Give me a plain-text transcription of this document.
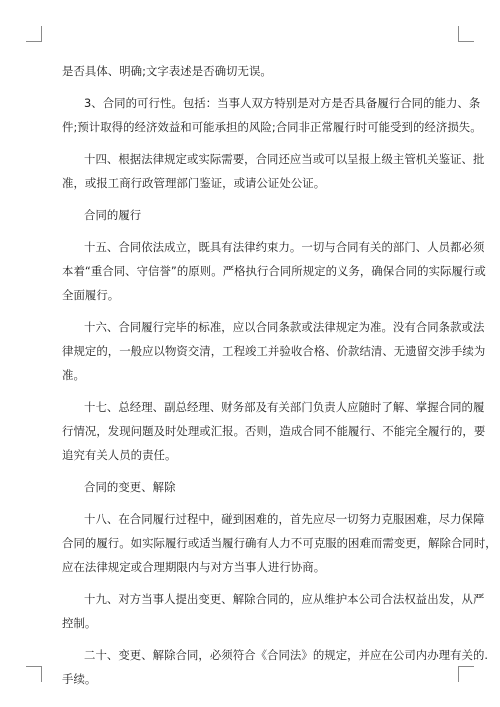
是否具体、明确;文字表述是否确切无误。
3、合同的可行性。包括：当事人双方特别是对方是否具备履行合同的能力、条
件;预计取得的经济效益和可能承担的风险;合同非正常履行时可能受到的经济损失。
十四、根据法律规定或实际需要，合同还应当或可以呈报上级主管机关鉴证、批
准，或报工商行政管理部门鉴证，或请公证处公证。
合同的履行
十五、合同依法成立，既具有法律约束力。一切与合同有关的部门、人员都必须
本着“重合同、守信誉”的原则。严格执行合同所规定的义务，确保合同的实际履行或
全面履行。
十六、合同履行完毕的标准，应以合同条款或法律规定为准。没有合同条款或法
律规定的，一般应以物资交清，工程竣工并验收合格、价款结清、无遗留交涉手续为
准。
十七、总经理、副总经理、财务部及有关部门负责人应随时了解、掌握合同的履
行情况，发现问题及时处理或汇报。否则，造成合同不能履行、不能完全履行的，要
追究有关人员的责任。
合同的变更、解除
十八、在合同履行过程中，碰到困难的，首先应尽一切努力克服困难，尽力保障
合同的履行。如实际履行或适当履行确有人力不可克服的困难而需变更，解除合同时，
应在法律规定或合理期限内与对方当事人进行协商。
十九、对方当事人提出变更、解除合同的，应从维护本公司合法权益出发，从严
控制。
二十、变更、解除合同，必须符合《合同法》的规定，并应在公司内办理有关的.
手续。
